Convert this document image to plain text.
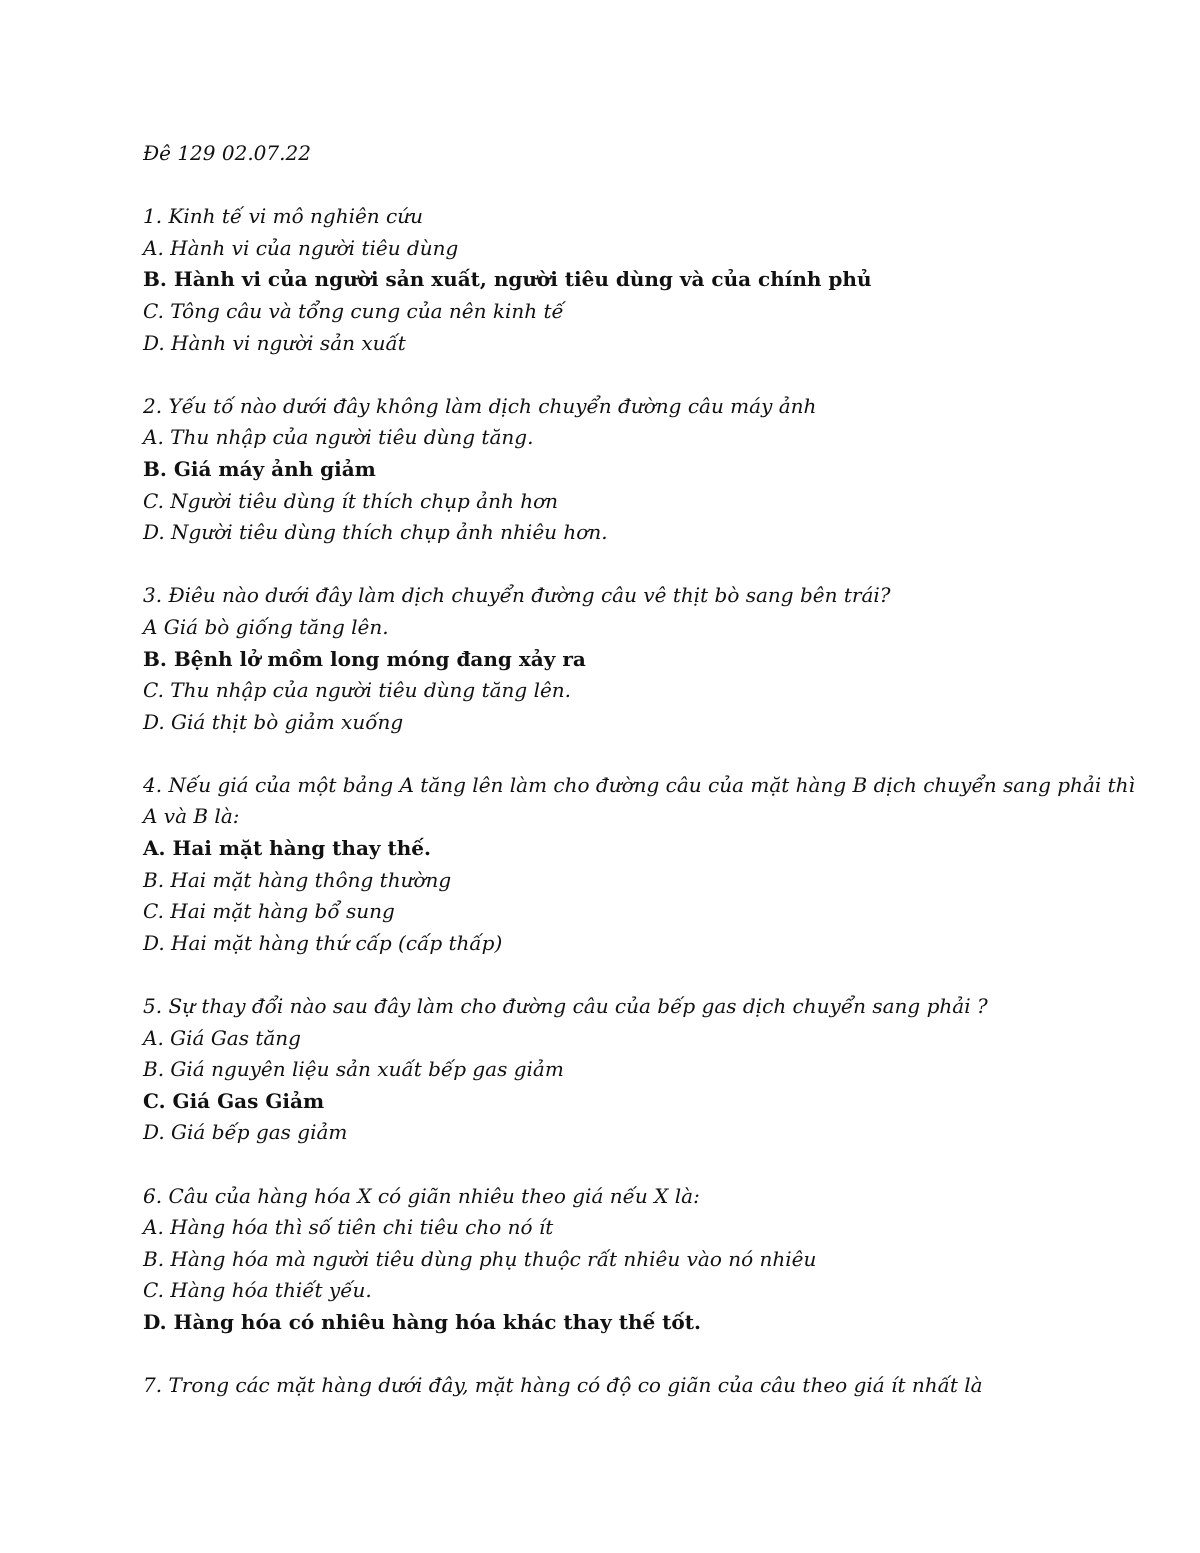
Đê 129 02.07.22
1. Kinh tế vi mô nghiên cứu
A. Hành vi của người tiêu dùng
B. Hành vi của người sản xuất, người tiêu dùng và của chính phủ
C. Tông câu và tổng cung của nên kinh tế
D. Hành vi người sản xuất
2. Yếu tố nào dưới đây không làm dịch chuyển đường câu máy ảnh
A. Thu nhập của người tiêu dùng tăng.
B. Giá máy ảnh giảm
C. Người tiêu dùng ít thích chụp ảnh hơn
D. Người tiêu dùng thích chụp ảnh nhiêu hơn.
3. Điêu nào dưới đây làm dịch chuyển đường câu vê thịt bò sang bên trái?
A Giá bò giống tăng lên.
B. Bệnh lở mồm long móng đang xảy ra
C. Thu nhập của người tiêu dùng tăng lên.
D. Giá thịt bò giảm xuống
4. Nếu giá của một bảng A tăng lên làm cho đường câu của mặt hàng B dịch chuyển sang phải thì A và B là:
A. Hai mặt hàng thay thế.
B. Hai mặt hàng thông thường
C. Hai mặt hàng bổ sung
D. Hai mặt hàng thứ cấp (cấp thấp)
5. Sự thay đổi nào sau đây làm cho đường câu của bếp gas dịch chuyển sang phải ?
A. Giá Gas tăng
B. Giá nguyên liệu sản xuất bếp gas giảm
C. Giá Gas Giảm
D. Giá bếp gas giảm
6. Câu của hàng hóa X có giãn nhiêu theo giá nếu X là:
A. Hàng hóa thì số tiên chi tiêu cho nó ít
B. Hàng hóa mà người tiêu dùng phụ thuộc rất nhiêu vào nó nhiêu
C. Hàng hóa thiết yếu.
D. Hàng hóa có nhiêu hàng hóa khác thay thế tốt.
7. Trong các mặt hàng dưới đây, mặt hàng có độ co giãn của câu theo giá ít nhất là
